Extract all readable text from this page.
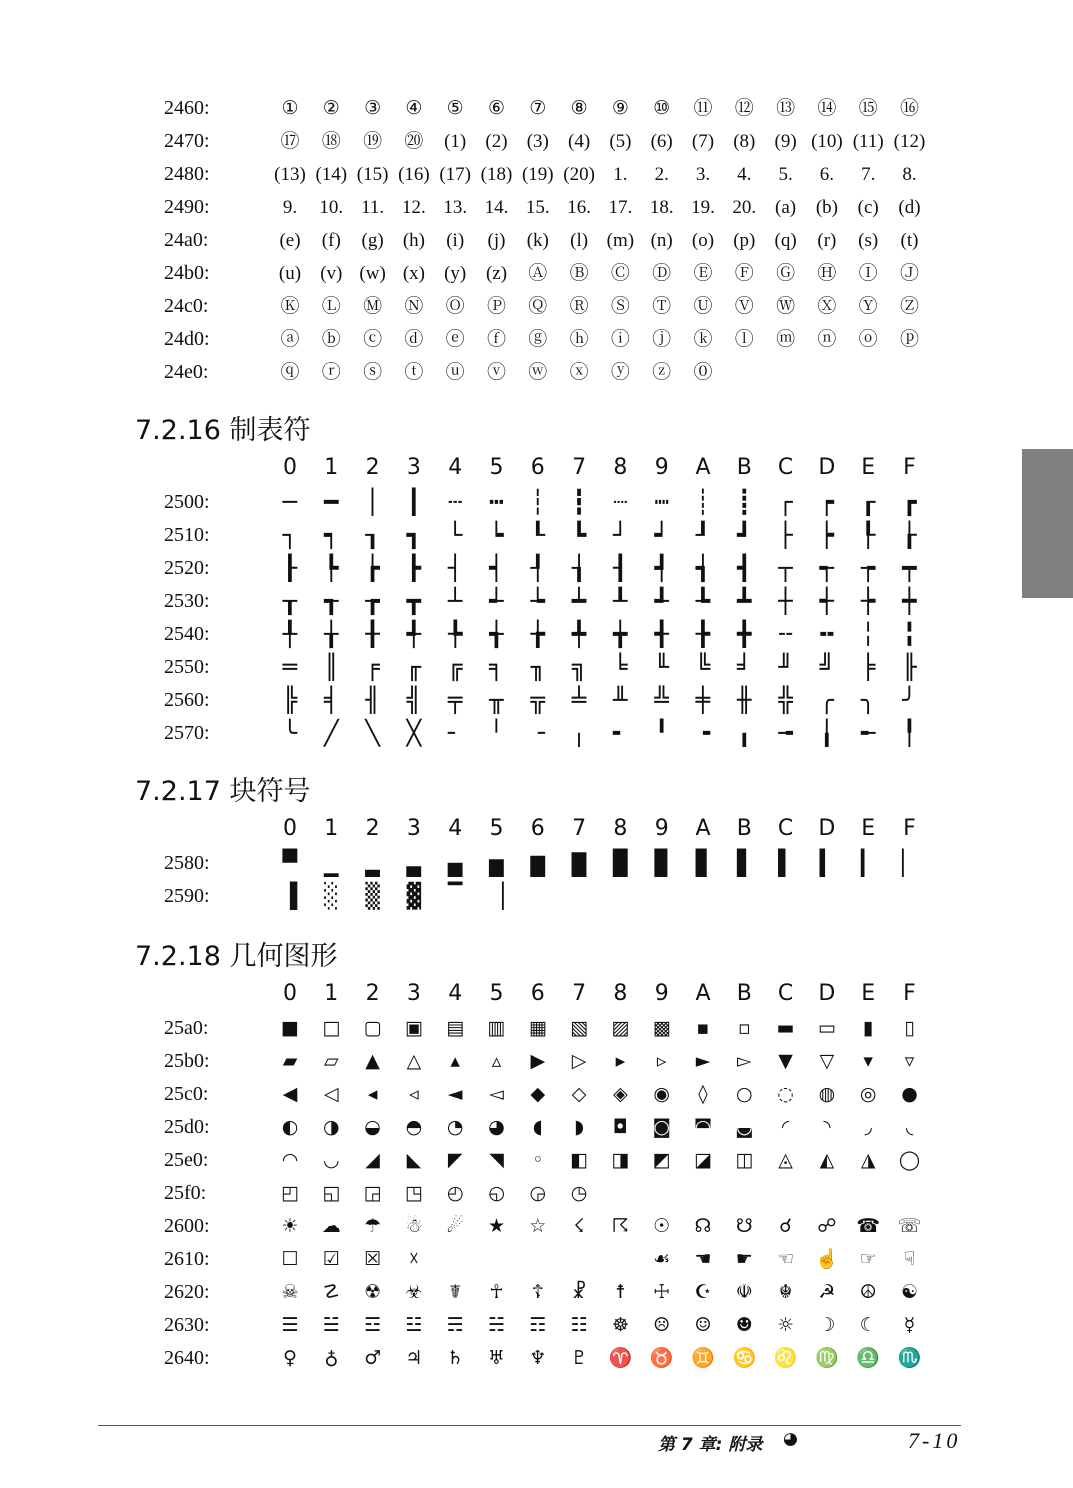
2460:	①	②	③	④	⑤	⑥	⑦	⑧	⑨	⑩	⑪	⑫	⑬	⑭	⑮	⑯
2470:	⑰	⑱	⑲	⑳	(1)	(2)	(3)	(4)	(5)	(6)	(7)	(8)	(9) (10) (11) (12)
2480:	(13) (14) (15) (16) (17) (18) (19) (20) 1.	2.	3.	4.	5.	6.	7.	8.
2490:	9.	10. 11. 12. 13. 14. 15. 16. 17. 18. 19. 20. (a)	(b)	(c)	(d)
24a0:	(e)	(f)	(g)	(h)	(i)	(j)	(k)	(l) (m) (n)	(o)	(p)	(q)	(r)	(s)	(t)
24b0:	(u)	(v) (w) (x)	(y)	(z)	Ⓐ	Ⓑ	Ⓒ	Ⓓ	Ⓔ	Ⓕ	Ⓖ	Ⓗ	Ⓘ	Ⓙ
24c0:	Ⓚ	Ⓛ	Ⓜ	Ⓝ	Ⓞ	Ⓟ	Ⓠ	Ⓡ	Ⓢ	Ⓣ	Ⓤ	Ⓥ	Ⓦ	Ⓧ	Ⓨ	Ⓩ
24d0:	ⓐ	ⓑ	ⓒ	ⓓ	ⓔ	ⓕ	ⓖ	ⓗ	ⓘ	ⓙ	ⓚ	ⓛ	ⓜ	ⓝ	ⓞ	ⓟ
24e0:	ⓠ	ⓡ	ⓢ	ⓣ	ⓤ	ⓥ	ⓦ	ⓧ	ⓨ	ⓩ	⓪
7.2.16 制表符
0	1	2	3	4	5	6	7	8	9	A	B	C	D	E	F
2500:	─	━	│	┃	┄	┅	┆	┇	┈	┉	┊	┋	┌	┍	┎	┏
2510:	┐	┑	┒	┓	└	┕	┖	┗	┘	┙	┚	┛	├	┝	┞	┟
2520:	┠	┡	┢	┣	┤	┥	┦	┧	┨	┩	┪	┫	┬	┭	┮	┯
2530:	┰	┱	┲	┳	┴	┵	┶	┷	┸	┹	┺	┻	┼	┽	┾	┿
2540:	╀	╁	╂	╃	╄	╅	╆	╇	╈	╉	╊	╋	╌	╍	╎	╏
2550:	═	║	╒	╓	╔	╕	╖	╗	╘	╙	╚	╛	╜	╝	╞	╟
2560:	╠	╡	╢	╣	╤	╥	╦	╧	╨	╩	╪	╫	╬	╭	╮	╯
2570:	╰	╱	╲	╳	╴	╵	╶	╷	╸	╹	╺	╻	╼	╽	╾	╿
7.2.17 块符号
0	1	2	3	4	5	6	7	8	9	A	B	C	D	E	F
2580:	▀	▁	▂	▃	▄	▅	▆	▇	█	▉	▊	▋	▌	▍	▎	▏
2590:	▐	░	▒	▓	▔	▕
7.2.18 几何图形
0	1	2	3	4	5	6	7	8	9	A	B	C	D	E	F
25a0:	■	□	▢	▣	▤	▥	▦	▧	▨	▩	▪	▫	▬	▭	▮	▯
25b0:	▰	▱	▲	△	▴	▵	▶	▷	▸	▹	►	▻	▼	▽	▾	▿
25c0:	◀	◁	◂	◃	◄	◅	◆	◇	◈	◉	◊	○	◌	◍	◎	●
25d0:	◐	◑	◒	◓	◔	◕	◖	◗	◘	◙	◚	◛	◜	◝	◞	◟
25e0:	◠	◡	◢	◣	◤	◥	◦	◧	◨	◩	◪	◫	◬	◭	◮	◯
25f0:	◰	◱	◲	◳	◴	◵	◶	◷
2600:	☀	☁	☂	☃	☄	★	☆	☇	☈	☉	☊	☋	☌	☍	☎ ☏
2610:	☐	☑	☒	☓	☙	☚	☛	☜	☝	☞	☟
2620:	☠	☡	☢	☣	☤	☥	☦	☧	☨	☩	☪	☫	☬	☭	☮	☯
2630:	☰	☱	☲	☳	☴	☵	☶	☷	☸	☹	☺	☻	☼	☽	☾	☿
2640:	♀	♁	♂	♃	♄	♅	♆	♇	♈ ♉ ♊ ♋ ♌ ♍ ♎ ♏
第 7 章: 附录 ◕	7-10
